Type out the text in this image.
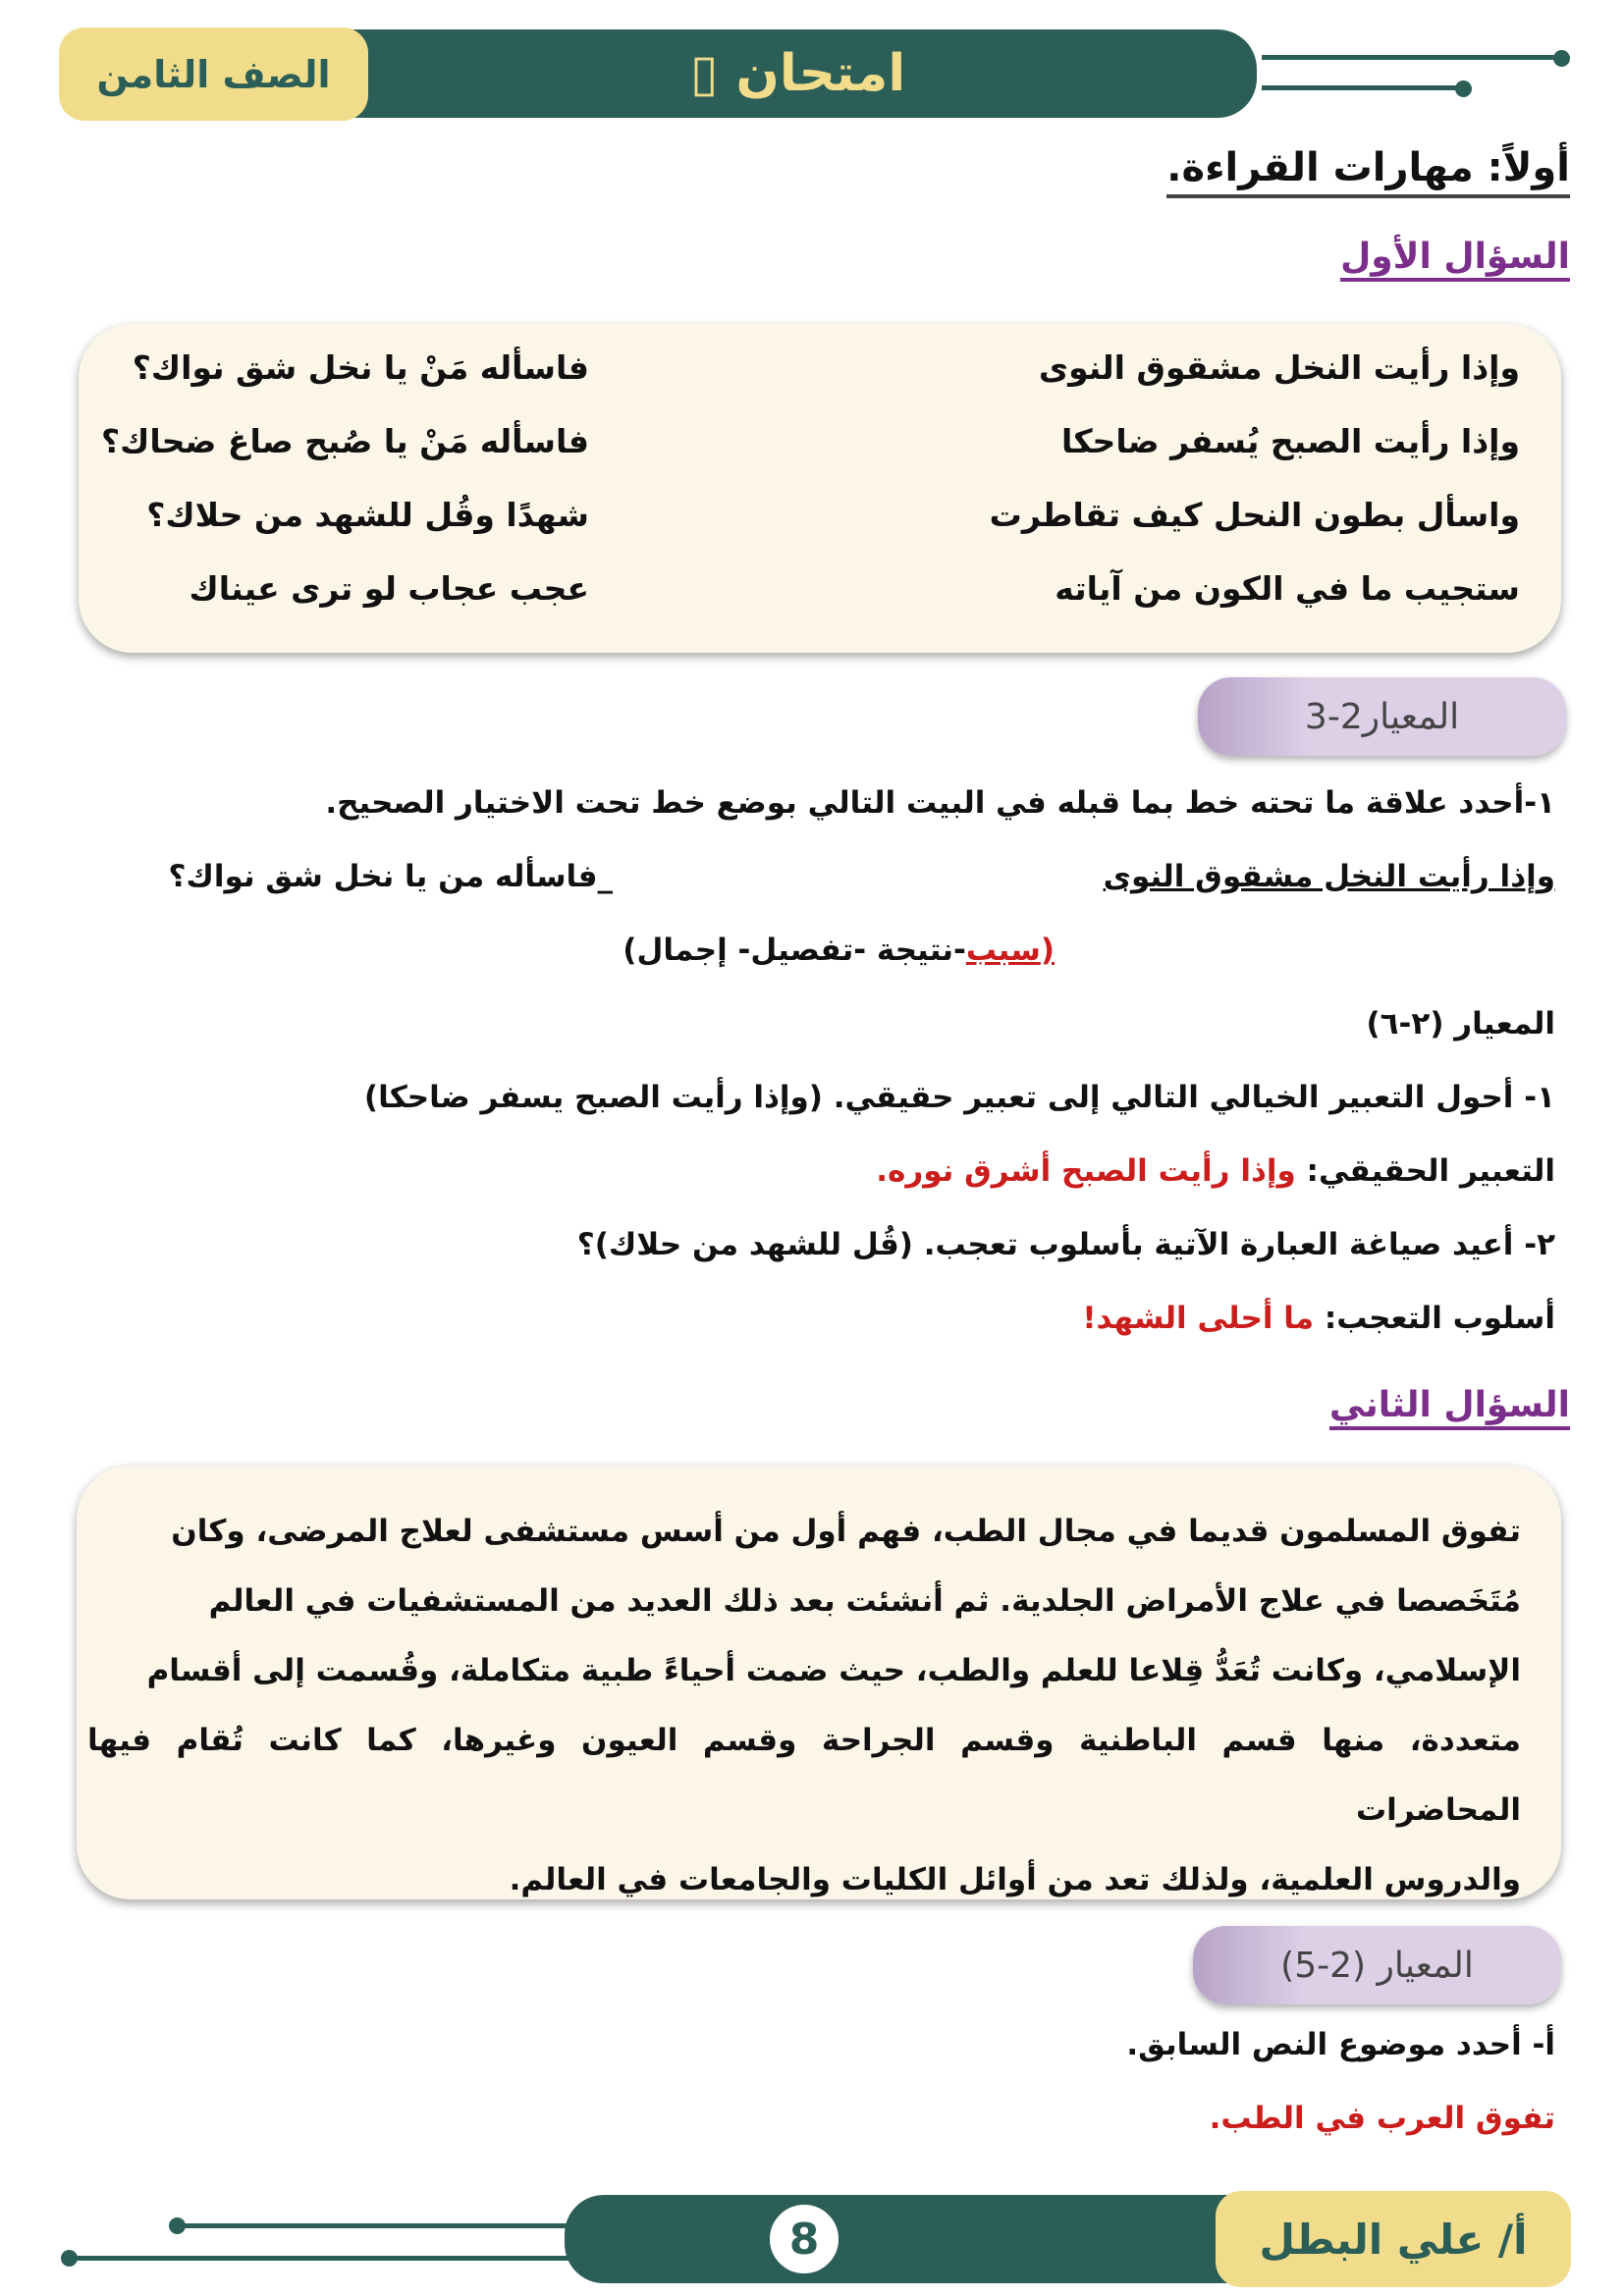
امتحان ▯
الصف الثامن
أولاً: مهارات القراءة.
السؤال الأول
وإذا رأيت النخل مشقوق النوى
فاسأله مَنْ يا نخل شق نواك؟
وإذا رأيت الصبح يُسفر ضاحكا
فاسأله مَنْ يا صُبح صاغ ضحاك؟
واسأل بطون النحل كيف تقاطرت
شهدًا وقُل للشهد من حلاك؟
ستجيب ما في الكون من آياته
عجب عجاب لو ترى عيناك
المعيار2-3
١-أحدد علاقة ما تحته خط بما قبله في البيت التالي بوضع خط تحت الاختيار الصحيح.
وإذا رأيت النخل مشقوق النوى
_فاسأله من يا نخل شق نواك؟
(سبب-نتيجة -تفصيل- إجمال)
المعيار (٢-٦)
١- أحول التعبير الخيالي التالي إلى تعبير حقيقي. (وإذا رأيت الصبح يسفر ضاحكا)
التعبير الحقيقي: وإذا رأيت الصبح أشرق نوره.
٢- أعيد صياغة العبارة الآتية بأسلوب تعجب. (قُل للشهد من حلاك)؟
أسلوب التعجب: ما أحلى الشهد!
السؤال الثاني
تفوق المسلمون قديما في مجال الطب، فهم أول من أسس مستشفى لعلاج المرضى، وكان
مُتَخَصصا في علاج الأمراض الجلدية. ثم أنشئت بعد ذلك العديد من المستشفيات في العالم
الإسلامي، وكانت تُعَدُّ قِلاعا للعلم والطب، حيث ضمت أحياءً طبية متكاملة، وقُسمت إلى أقسام
متعددة، منها قسم الباطنية وقسم الجراحة وقسم العيون وغيرها، كما كانت تُقام فيها المحاضرات
والدروس العلمية، ولذلك تعد من أوائل الكليات والجامعات في العالم.
المعيار (2-5)
أ- أحدد موضوع النص السابق.
تفوق العرب في الطب.
8	أ/ علي البطل
